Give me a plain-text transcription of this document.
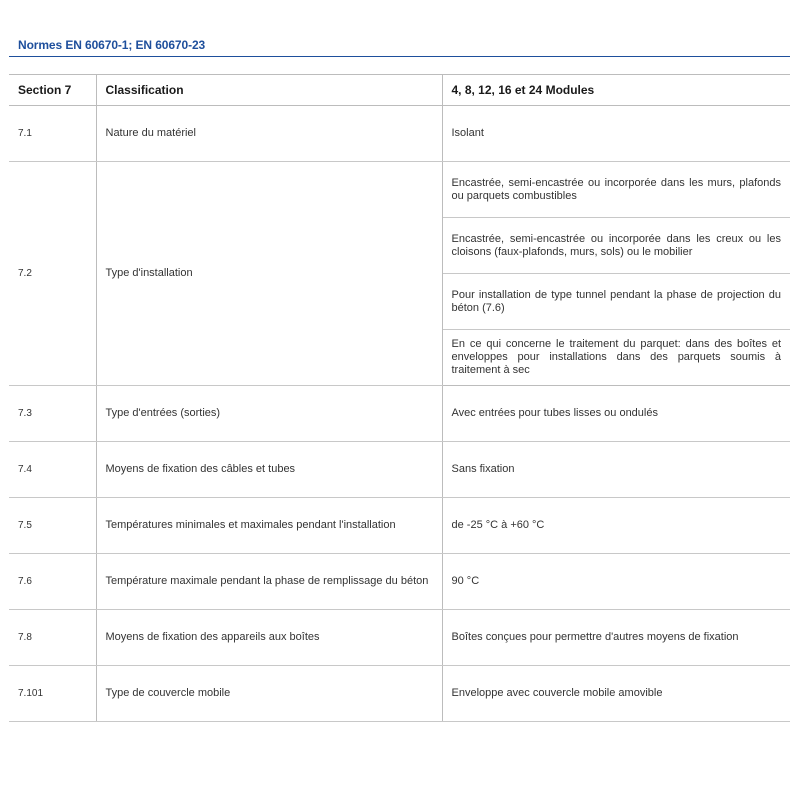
Normes EN 60670-1; EN 60670-23
Section 7	Classification	4, 8, 12, 16 et 24 Modules
7.1	Nature du matériel	Isolant
7.2	Type d'installation	Encastrée, semi-encastrée ou incorporée dans les murs, plafonds ou parquets combustibles
		Encastrée, semi-encastrée ou incorporée dans les creux ou les cloisons (faux-plafonds, murs, sols) ou le mobilier
		Pour installation de type tunnel pendant la phase de projection du béton (7.6)
		En ce qui concerne le traitement du parquet: dans des boîtes et enveloppes pour installations dans des parquets soumis à traitement à sec
7.3	Type d'entrées (sorties)	Avec entrées pour tubes lisses ou ondulés
7.4	Moyens de fixation des câbles et tubes	Sans fixation
7.5	Températures minimales et maximales pendant l'installation	de -25 °C à +60 °C
7.6	Température maximale pendant la phase de remplissage du béton	90 °C
7.8	Moyens de fixation des appareils aux boîtes	Boîtes conçues pour permettre d'autres moyens de fixation
7.101	Type de couvercle mobile	Enveloppe avec couvercle mobile amovible
